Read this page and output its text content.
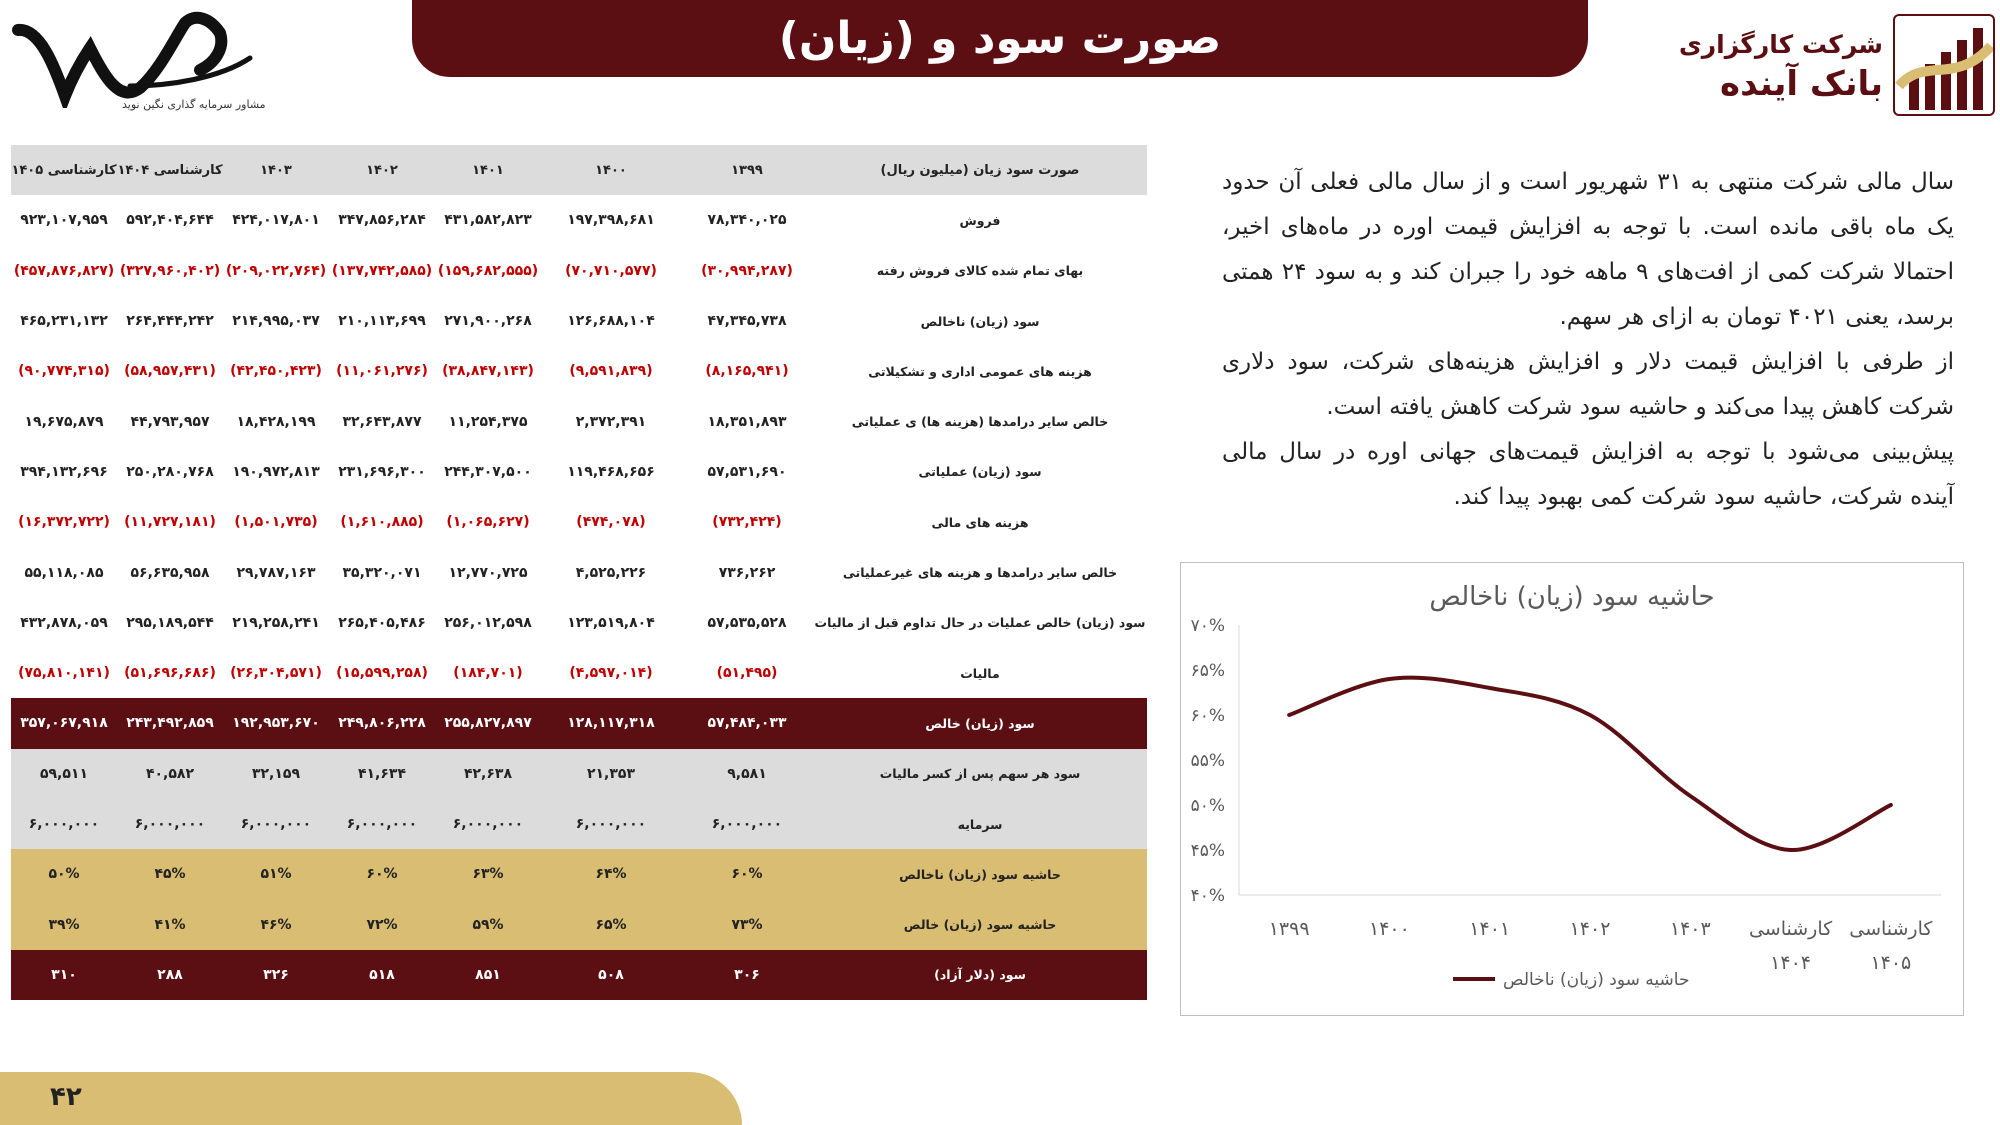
صورت سود و (زیان)
مشاور سرمایه گذاری نگین نوید
شرکت کارگزاری
بانک آینده
کارشناسی ۱۴۰۵	کارشناسی ۱۴۰۴	۱۴۰۳	۱۴۰۲	۱۴۰۱	۱۴۰۰	۱۳۹۹	صورت سود زیان (میلیون ریال)
۹۲۳,۱۰۷,۹۵۹	۵۹۲,۴۰۴,۶۴۴	۴۲۴,۰۱۷,۸۰۱	۳۴۷,۸۵۶,۲۸۴	۴۳۱,۵۸۲,۸۲۳	۱۹۷,۳۹۸,۶۸۱	۷۸,۳۴۰,۰۲۵	فروش
(۴۵۷,۸۷۶,۸۲۷)	(۳۲۷,۹۶۰,۴۰۲)	(۲۰۹,۰۲۲,۷۶۴)	(۱۳۷,۷۴۲,۵۸۵)	(۱۵۹,۶۸۲,۵۵۵)	(۷۰,۷۱۰,۵۷۷)	(۳۰,۹۹۴,۲۸۷)	بهای تمام شده کالای فروش رفته
۴۶۵,۲۳۱,۱۳۲	۲۶۴,۴۴۴,۲۴۲	۲۱۴,۹۹۵,۰۳۷	۲۱۰,۱۱۳,۶۹۹	۲۷۱,۹۰۰,۲۶۸	۱۲۶,۶۸۸,۱۰۴	۴۷,۳۴۵,۷۳۸	سود (زیان) ناخالص
(۹۰,۷۷۴,۳۱۵)	(۵۸,۹۵۷,۴۳۱)	(۴۲,۴۵۰,۴۲۳)	(۱۱,۰۶۱,۲۷۶)	(۳۸,۸۴۷,۱۴۳)	(۹,۵۹۱,۸۳۹)	(۸,۱۶۵,۹۴۱)	هزینه های عمومی اداری و تشکیلاتی
۱۹,۶۷۵,۸۷۹	۴۴,۷۹۳,۹۵۷	۱۸,۴۲۸,۱۹۹	۳۲,۶۴۳,۸۷۷	۱۱,۲۵۴,۳۷۵	۲,۳۷۲,۳۹۱	۱۸,۳۵۱,۸۹۳	خالص سایر درامدها (هزینه ها) ی عملیاتی
۳۹۴,۱۳۲,۶۹۶	۲۵۰,۲۸۰,۷۶۸	۱۹۰,۹۷۲,۸۱۳	۲۳۱,۶۹۶,۳۰۰	۲۴۴,۳۰۷,۵۰۰	۱۱۹,۴۶۸,۶۵۶	۵۷,۵۳۱,۶۹۰	سود (زیان) عملیاتی
(۱۶,۳۷۲,۷۲۲)	(۱۱,۷۲۷,۱۸۱)	(۱,۵۰۱,۷۳۵)	(۱,۶۱۰,۸۸۵)	(۱,۰۶۵,۶۲۷)	(۴۷۴,۰۷۸)	(۷۳۲,۴۲۴)	هزینه های مالی
۵۵,۱۱۸,۰۸۵	۵۶,۶۳۵,۹۵۸	۲۹,۷۸۷,۱۶۳	۳۵,۳۲۰,۰۷۱	۱۲,۷۷۰,۷۲۵	۴,۵۲۵,۲۲۶	۷۳۶,۲۶۲	خالص سایر درامدها و هزینه های غیرعملیاتی
۴۳۲,۸۷۸,۰۵۹	۲۹۵,۱۸۹,۵۴۴	۲۱۹,۲۵۸,۲۴۱	۲۶۵,۴۰۵,۴۸۶	۲۵۶,۰۱۲,۵۹۸	۱۲۳,۵۱۹,۸۰۴	۵۷,۵۳۵,۵۲۸	سود (زیان) خالص عملیات در حال تداوم قبل از مالیات
(۷۵,۸۱۰,۱۴۱)	(۵۱,۶۹۶,۶۸۶)	(۲۶,۳۰۴,۵۷۱)	(۱۵,۵۹۹,۲۵۸)	(۱۸۴,۷۰۱)	(۴,۵۹۷,۰۱۴)	(۵۱,۴۹۵)	مالیات
۳۵۷,۰۶۷,۹۱۸	۲۴۳,۴۹۲,۸۵۹	۱۹۲,۹۵۳,۶۷۰	۲۴۹,۸۰۶,۲۲۸	۲۵۵,۸۲۷,۸۹۷	۱۲۸,۱۱۷,۳۱۸	۵۷,۴۸۴,۰۳۳	سود (زیان) خالص
۵۹,۵۱۱	۴۰,۵۸۲	۳۲,۱۵۹	۴۱,۶۳۴	۴۲,۶۳۸	۲۱,۳۵۳	۹,۵۸۱	سود هر سهم پس از کسر مالیات
۶,۰۰۰,۰۰۰	۶,۰۰۰,۰۰۰	۶,۰۰۰,۰۰۰	۶,۰۰۰,۰۰۰	۶,۰۰۰,۰۰۰	۶,۰۰۰,۰۰۰	۶,۰۰۰,۰۰۰	سرمایه
۵۰%	۴۵%	۵۱%	۶۰%	۶۳%	۶۴%	۶۰%	حاشیه سود (زیان) ناخالص
۳۹%	۴۱%	۴۶%	۷۲%	۵۹%	۶۵%	۷۳%	حاشیه سود (زیان) خالص
۳۱۰	۲۸۸	۳۲۶	۵۱۸	۸۵۱	۵۰۸	۳۰۶	سود (دلار آزاد)

سال مالی شرکت منتهی به ۳۱ شهریور است و از سال مالی فعلی آن حدود یک ماه باقی مانده است. با توجه به افزایش قیمت اوره در ماه‌های اخیر، احتمالا شرکت کمی از افت‌های ۹ ماهه خود را جبران کند و به سود ۲۴ همتی برسد، یعنی ۴۰۲۱ تومان به ازای هر سهم.

از طرفی با افزایش قیمت دلار و افزایش هزینه‌های شرکت، سود دلاری شرکت کاهش پیدا می‌کند و حاشیه سود شرکت کاهش یافته است.

پیش‌بینی می‌شود با توجه به افزایش قیمت‌های جهانی اوره در سال مالی آینده شرکت، حاشیه سود شرکت کمی بهبود پیدا کند.

حاشیه سود (زیان) ناخالص
۴۰%
۴۵%
۵۰%
۵۵%
۶۰%
۶۵%
۷۰%
۱۳۹۹	۱۴۰۰	۱۴۰۱	۱۴۰۲	۱۴۰۳ کارشناسی
۱۴۰۴
کارشناسی
۱۴۰۵
حاشیه سود (زیان) ناخالص
۴۲
